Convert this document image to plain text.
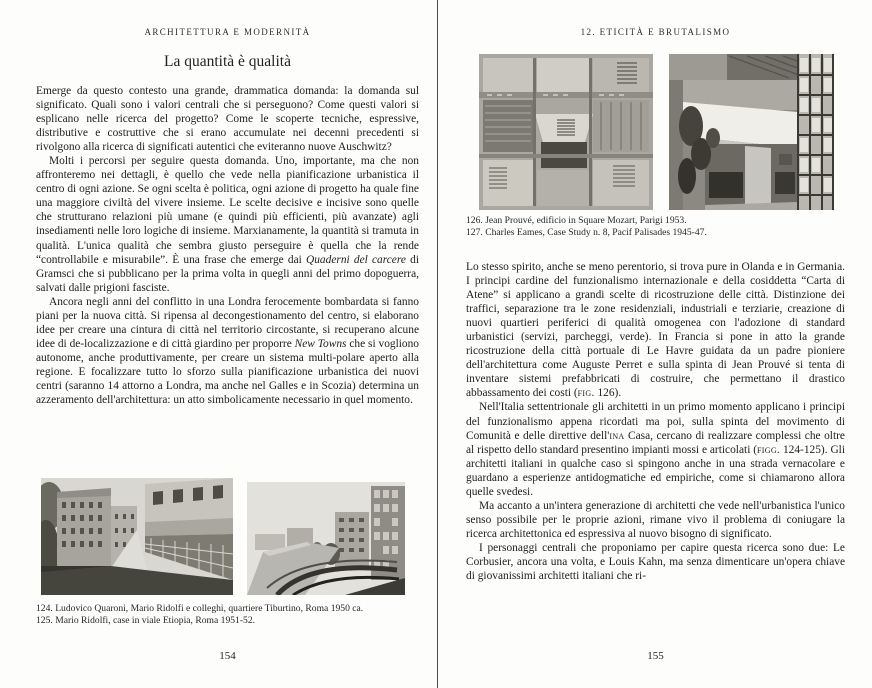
ARCHITETTURA E MODERNITÀ
La quantità è qualità

Emerge da questo contesto una grande, drammatica domanda: la domanda sul significato. Quali sono i valori centrali che si perseguono? Come questi valori si esplicano nelle ricerca del progetto? Come le scoperte tecniche, espressive, distributive e costruttive che si erano accumulate nei decenni precedenti si rivolgono alla ricerca di significati autentici che eviteranno nuove Auschwitz?

Molti i percorsi per seguire questa domanda. Uno, importante, ma che non affronteremo nei dettagli, è quello che vede nella pianificazione urbanistica il centro di ogni azione. Se ogni scelta è politica, ogni azione di progetto ha quale fine una maggiore civiltà del vivere insieme. Le scelte decisive e incisive sono quelle che strutturano relazioni più umane (e quindi più efficienti, più avanzate) agli insediamenti nelle loro logiche di insieme. Marxianamente, la quantità si tramuta in qualità. L'unica qualità che sembra giusto perseguire è quella che la rende “controllabile e misurabile”. È una frase che emerge dai Quaderni del carcere di Gramsci che si pubblicano per la prima volta in quegli anni del primo dopoguerra, salvati dalle prigioni fasciste.

Ancora negli anni del conflitto in una Londra ferocemente bombardata si fanno piani per la nuova città. Si ripensa al decongestionamento del centro, si elaborano idee per creare una cintura di città nel territorio circostante, si recuperano alcune idee di de-localizzazione e di città giardino per proporre New Towns che si vogliono autonome, anche produttivamente, per creare un sistema multi-polare aperto alla regione. E focalizzare tutto lo sforzo sulla pianificazione urbanistica dei nuovi centri (saranno 14 attorno a Londra, ma anche nel Galles e in Scozia) determina un azzeramento dell'architettura: un atto simbolicamente necessario in quel momento.

124. Ludovico Quaroni, Mario Ridolfi e colleghi, quartiere Tiburtino, Roma 1950 ca.
125. Mario Ridolfi, case in viale Etiopia, Roma 1951-52.
154
12. ETICITÀ E BRUTALISMO
126. Jean Prouvé, edificio in Square Mozart, Parigi 1953.
127. Charles Eames, Case Study n. 8, Pacif Palisades 1945-47.

Lo stesso spirito, anche se meno perentorio, si trova pure in Olanda e in Germania. I principi cardine del funzionalismo internazionale e della cosiddetta “Carta di Atene” si applicano a grandi scelte di ricostruzione delle città. Distinzione dei traffici, separazione tra le zone residenziali, industriali e terziarie, creazione di nuovi quartieri periferici di qualità omogenea con l'adozione di standard urbanistici (servizi, parcheggi, verde). In Francia si pone in atto la grande ricostruzione della città portuale di Le Havre guidata da un padre pioniere dell'architettura come Auguste Perret e sulla spinta di Jean Prouvé si tenta di inventare sistemi prefabbricati di costruire, che permettano il drastico abbassamento dei costi (fig. 126).

Nell'Italia settentrionale gli architetti in un primo momento applicano i principi del funzionalismo appena ricordati ma poi, sulla spinta del movimento di Comunità e delle direttive dell'ina Casa, cercano di realizzare complessi che oltre al rispetto dello standard presentino impianti mossi e articolati (figg. 124-125). Gli architetti italiani in qualche caso si spingono anche in una strada vernacolare e guardano a esperienze antidogmatiche ed empiriche, come si chiamarono allora quelle svedesi.

Ma accanto a un'intera generazione di architetti che vede nell'urbanistica l'unico senso possibile per le proprie azioni, rimane vivo il problema di coniugare la ricerca architettonica ed espressiva al nuovo bisogno di significato.

I personaggi centrali che proponiamo per capire questa ricerca sono due: Le Corbusier, ancora una volta, e Louis Kahn, ma senza dimenticare un'opera chiave di giovanissimi architetti italiani che ri-

155
